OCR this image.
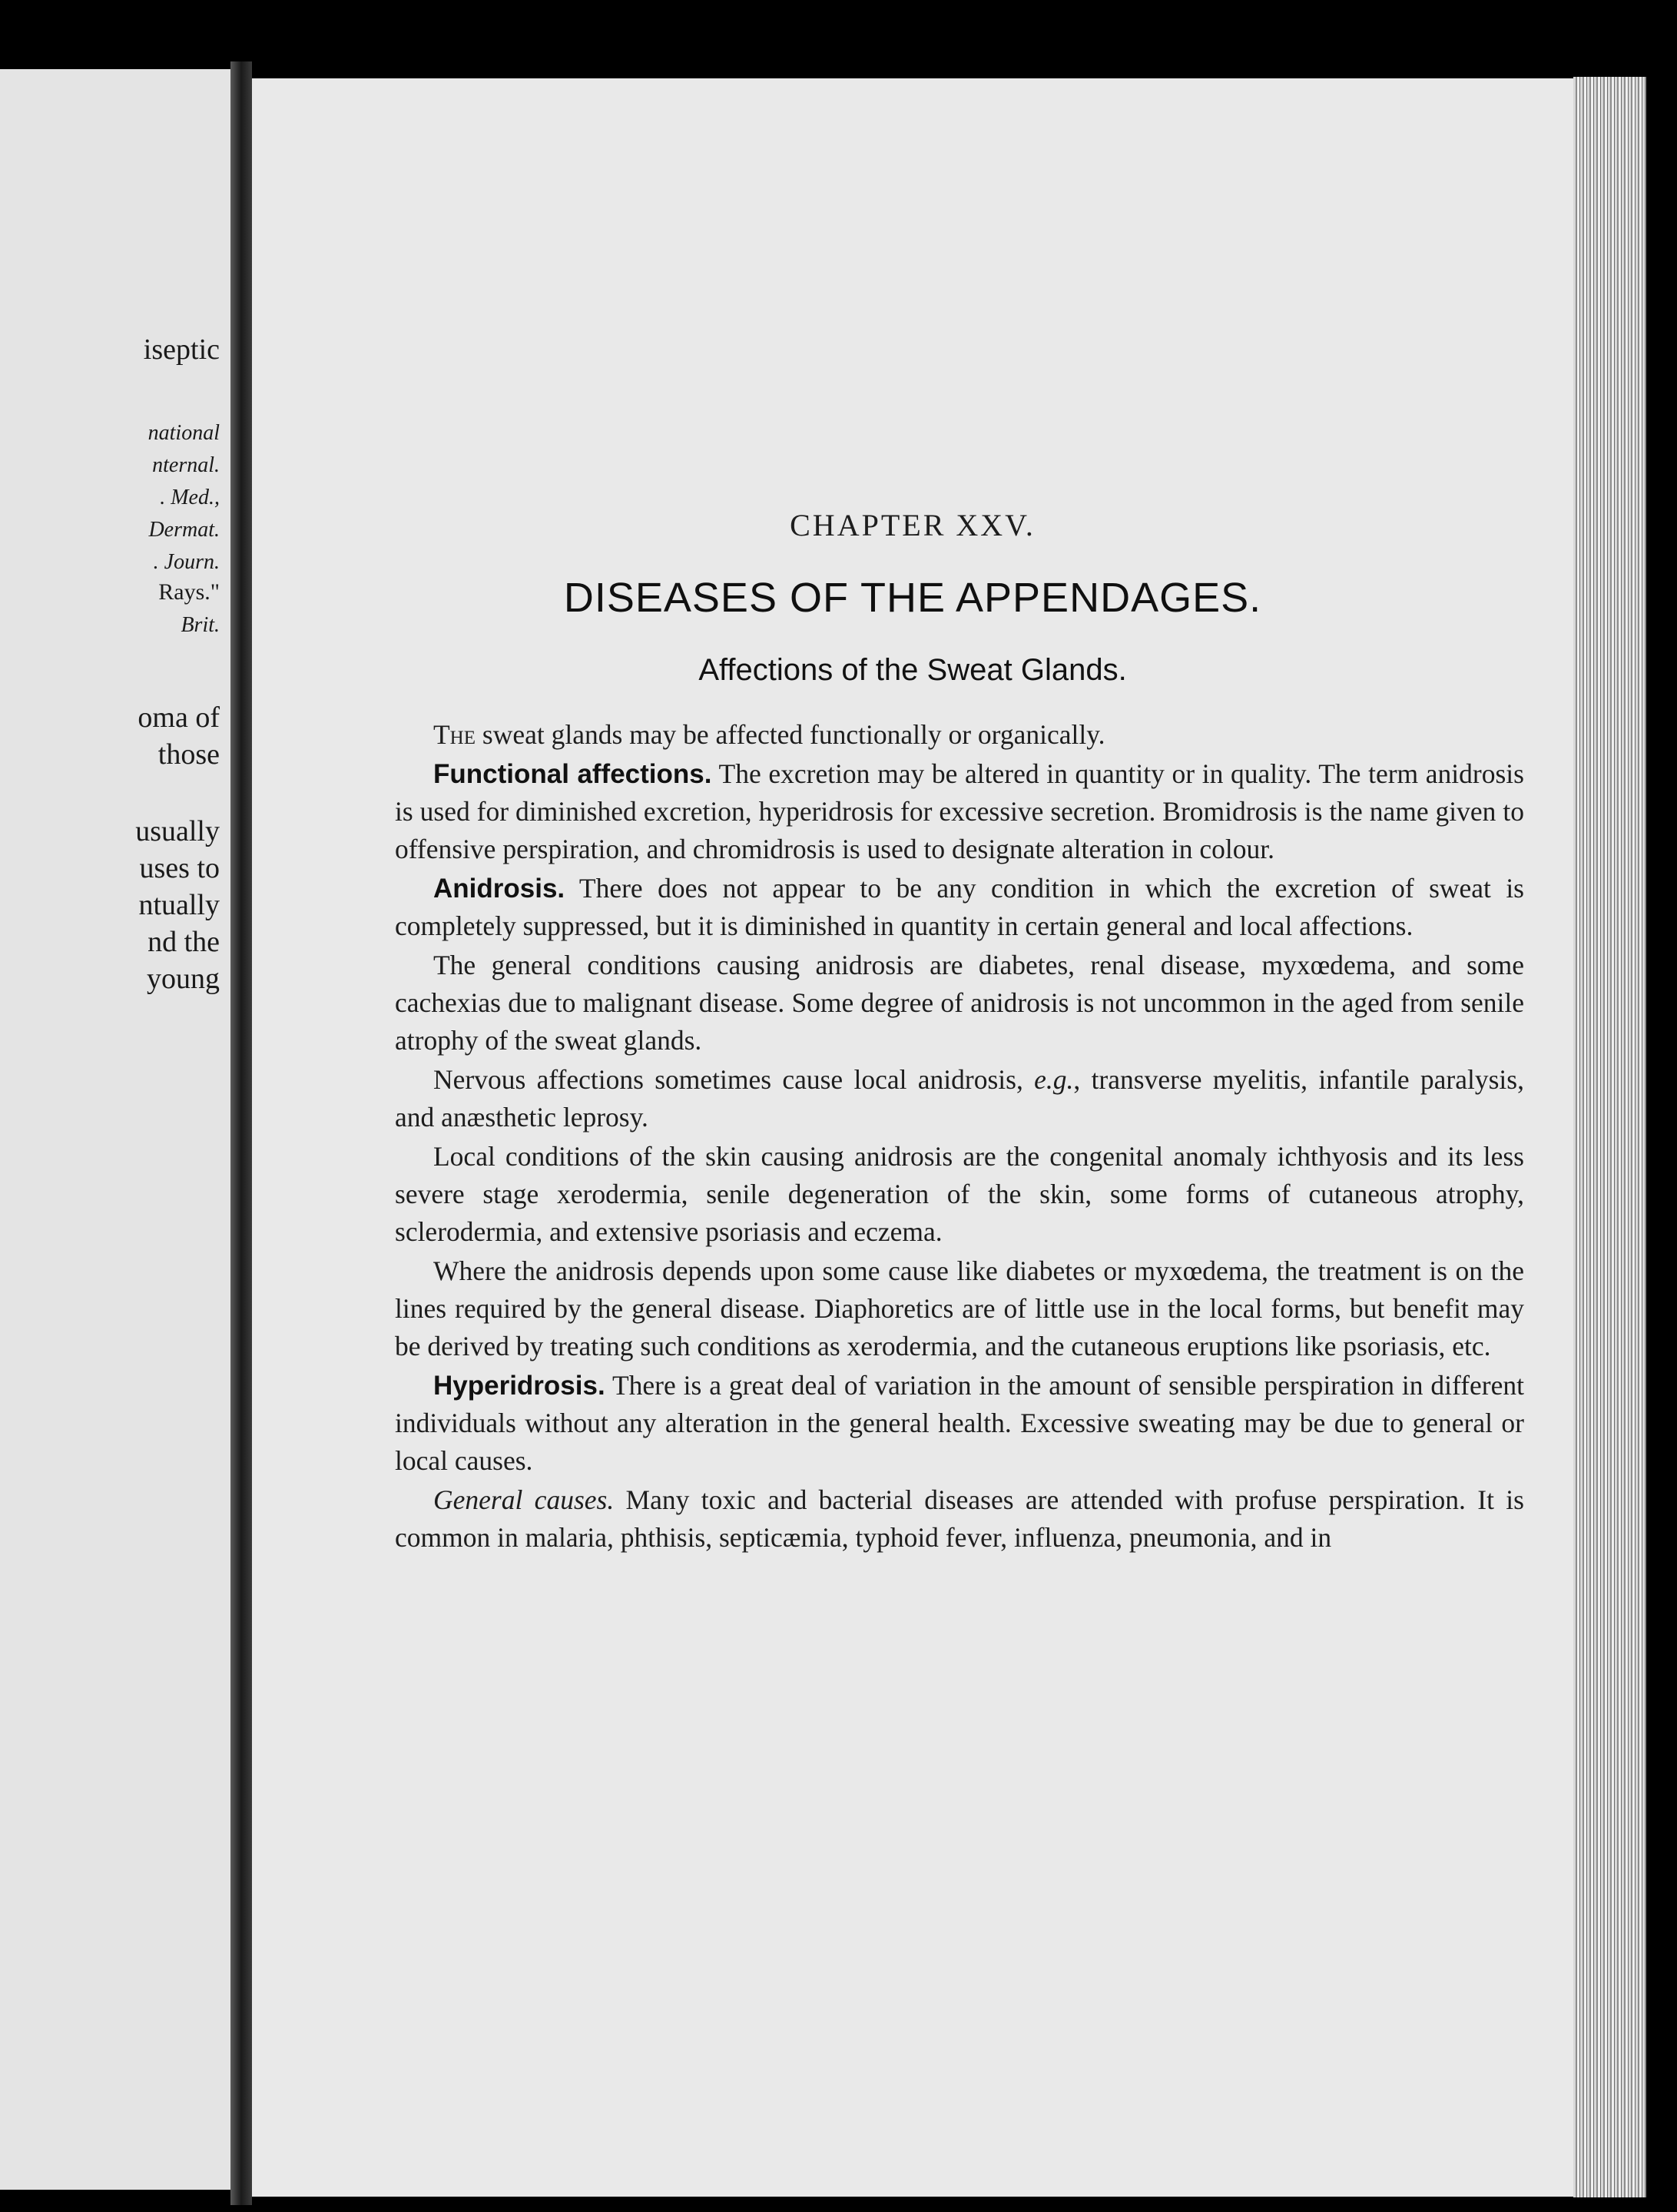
iseptic

national

nternal.

. Med.,

Dermat.

. Journ.

Rays."

Brit.

oma of

those

usually

uses to

ntually

nd the

young

CHAPTER XXV.
DISEASES OF THE APPENDAGES.
Affections of the Sweat Glands.

The sweat glands may be affected functionally or organically.

Functional affections. The excretion may be altered in quantity or in quality. The term anidrosis is used for diminished excretion, hyperidrosis for excessive secretion. Bromidrosis is the name given to offensive perspiration, and chromidrosis is used to designate alteration in colour.

Anidrosis. There does not appear to be any condition in which the excretion of sweat is completely suppressed, but it is diminished in quantity in certain general and local affections.

The general conditions causing anidrosis are diabetes, renal disease, myxœdema, and some cachexias due to malignant disease. Some degree of anidrosis is not uncommon in the aged from senile atrophy of the sweat glands.

Nervous affections sometimes cause local anidrosis, e.g., transverse myelitis, infantile paralysis, and anæsthetic leprosy.

Local conditions of the skin causing anidrosis are the congenital anomaly ichthyosis and its less severe stage xerodermia, senile degeneration of the skin, some forms of cutaneous atrophy, sclerodermia, and extensive psoriasis and eczema.

Where the anidrosis depends upon some cause like diabetes or myxœdema, the treatment is on the lines required by the general disease. Diaphoretics are of little use in the local forms, but benefit may be derived by treating such conditions as xerodermia, and the cutaneous eruptions like psoriasis, etc.

Hyperidrosis. There is a great deal of variation in the amount of sensible perspiration in different individuals without any alteration in the general health. Excessive sweating may be due to general or local causes.

General causes. Many toxic and bacterial diseases are attended with profuse perspiration. It is common in malaria, phthisis, septicæmia, typhoid fever, influenza, pneumonia, and in
